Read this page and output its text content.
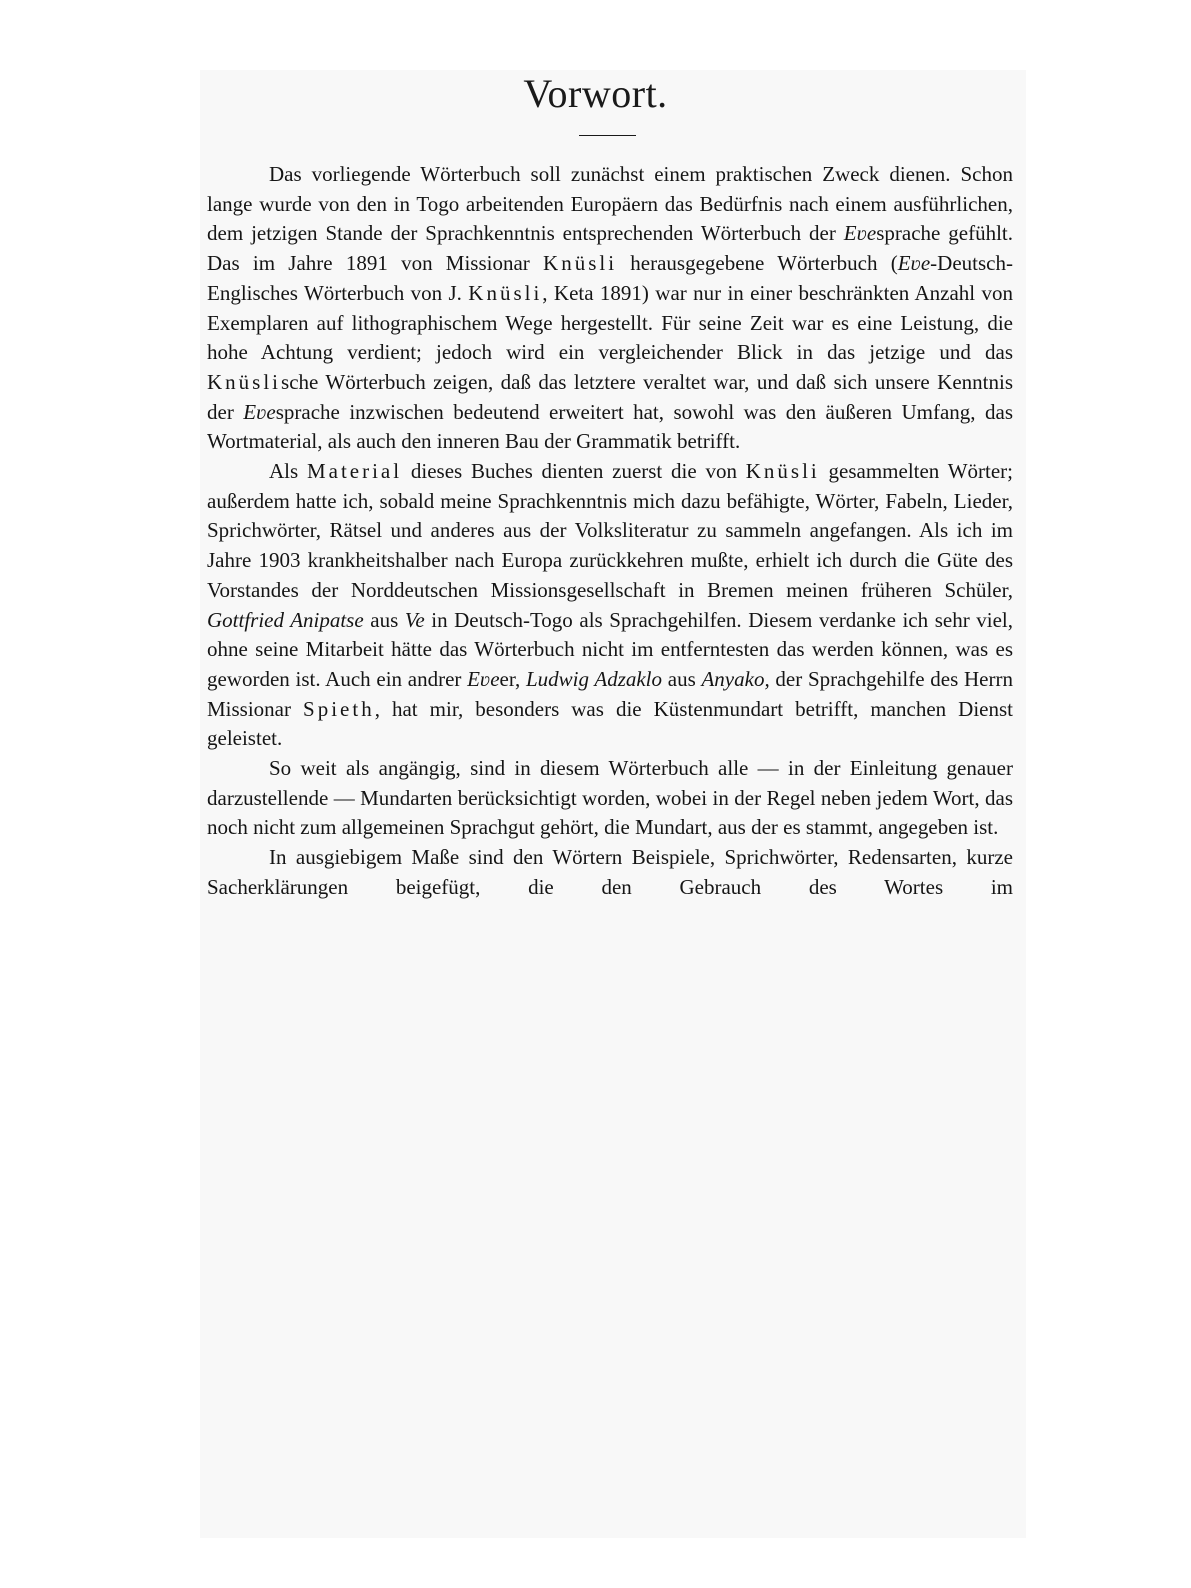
Vorwort.

Das vorliegende Wörterbuch soll zunächst einem praktischen Zweck dienen. Schon lange wurde von den in Togo arbeitenden Europäern das Bedürfnis nach einem ausführlichen, dem jetzigen Stande der Sprachkenntnis entsprechenden Wörterbuch der Eʋesprache gefühlt. Das im Jahre 1891 von Missionar Knüsli herausgegebene Wörterbuch (Eʋe-Deutsch-Englisches Wörterbuch von J. Knüsli, Keta 1891) war nur in einer beschränkten Anzahl von Exemplaren auf lithographischem Wege hergestellt. Für seine Zeit war es eine Leistung, die hohe Achtung verdient; jedoch wird ein vergleichender Blick in das jetzige und das Knüslische Wörterbuch zeigen, daß das letztere veraltet war, und daß sich unsere Kenntnis der Eʋesprache inzwischen bedeutend erweitert hat, sowohl was den äußeren Umfang, das Wortmaterial, als auch den inneren Bau der Grammatik betrifft.

Als Material dieses Buches dienten zuerst die von Knüsli gesammelten Wörter; außerdem hatte ich, sobald meine Sprachkenntnis mich dazu befähigte, Wörter, Fabeln, Lieder, Sprichwörter, Rätsel und anderes aus der Volksliteratur zu sammeln angefangen. Als ich im Jahre 1903 krankheitshalber nach Europa zurückkehren mußte, erhielt ich durch die Güte des Vorstandes der Norddeutschen Missionsgesellschaft in Bremen meinen früheren Schüler, Gottfried Anipatse aus Ve in Deutsch-Togo als Sprachgehilfen. Diesem verdanke ich sehr viel, ohne seine Mitarbeit hätte das Wörterbuch nicht im entferntesten das werden können, was es geworden ist. Auch ein andrer Eʋeer, Ludwig Adzaklo aus Anyako, der Sprachgehilfe des Herrn Missionar Spieth, hat mir, besonders was die Küstenmundart betrifft, manchen Dienst geleistet.

So weit als angängig, sind in diesem Wörterbuch alle — in der Einleitung genauer darzustellende — Mundarten berücksichtigt worden, wobei in der Regel neben jedem Wort, das noch nicht zum allgemeinen Sprachgut gehört, die Mundart, aus der es stammt, angegeben ist.

In ausgiebigem Maße sind den Wörtern Beispiele, Sprichwörter, Redensarten, kurze Sacherklärungen beigefügt, die den Gebrauch des Wortes im
